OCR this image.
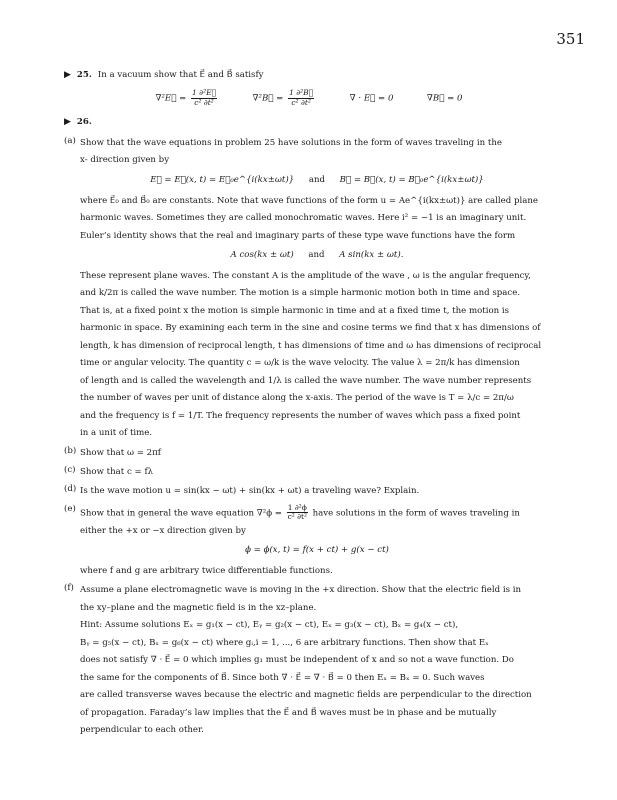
351
▶ 25. In a vacuum show that E⃗ and B⃗ satisfy
∇²E⃗ = $\frac{\text{1 ∂²E⃗}}{\text{c² ∂t²}}$	∇²B⃗ = $\frac{\text{1 ∂²B⃗}}{\text{c² ∂t²}}$	∇ · E⃗ = 0	∇B⃗ = 0
▶ 26.
(a) Show that the wave equations in problem 25 have solutions in the form of waves traveling in the
x- direction given by
E⃗ = E⃗(x, t) = E⃗₀e^{i(kx±ωt)} and B⃗ = B⃗(x, t) = B⃗₀e^{i(kx±ωt)}
where E⃗₀ and B⃗₀ are constants. Note that wave functions of the form u = Ae^{i(kx±ωt)} are called plane
harmonic waves. Sometimes they are called monochromatic waves. Here i² = −1 is an imaginary unit.
Euler’s identity shows that the real and imaginary parts of these type wave functions have the form
A cos(kx ± ωt) and A sin(kx ± ωt).
These represent plane waves. The constant A is the amplitude of the wave , ω is the angular frequency,
and k/2π is called the wave number. The motion is a simple harmonic motion both in time and space.
That is, at a fixed point x the motion is simple harmonic in time and at a fixed time t, the motion is
harmonic in space. By examining each term in the sine and cosine terms we find that x has dimensions of
length, k has dimension of reciprocal length, t has dimensions of time and ω has dimensions of reciprocal
time or angular velocity. The quantity c = ω/k is the wave velocity. The value λ = 2π/k has dimension
of length and is called the wavelength and 1/λ is called the wave number. The wave number represents
the number of waves per unit of distance along the x-axis. The period of the wave is T = λ/c = 2π/ω
and the frequency is f = 1/T. The frequency represents the number of waves which pass a fixed point
in a unit of time.
(b) Show that ω = 2πf
(c) Show that c = fλ
(d) Is the wave motion u = sin(kx − ωt) + sin(kx + ωt) a traveling wave? Explain.
(e) Show that in general the wave equation $\nabla^2\phi = \frac{\text{1 ∂²ϕ}}{\text{c² ∂t²}}$ have solutions in the form of waves traveling in
either the +x or −x direction given by
ϕ = ϕ(x, t) = f(x + ct) + g(x − ct)
where f and g are arbitrary twice differentiable functions.
(f) Assume a plane electromagnetic wave is moving in the +x direction. Show that the electric field is in
the xy–plane and the magnetic field is in the xz–plane.
Hint: Assume solutions Eₓ = g₁(x − ct), Eᵧ = g₂(x − ct), Eₓ = g₃(x − ct), Bₓ = g₄(x − ct),
Bᵧ = g₅(x − ct), Bₓ = g₆(x − ct) where gᵢ,i = 1, ..., 6 are arbitrary functions. Then show that Eₓ
does not satisfy ∇ · E⃗ = 0 which implies g₁ must be independent of x and so not a wave function. Do
the same for the components of B⃗. Since both ∇ · E⃗ = ∇ · B⃗ = 0 then Eₓ = Bₓ = 0. Such waves
are called transverse waves because the electric and magnetic fields are perpendicular to the direction
of propagation. Faraday’s law implies that the E⃗ and B⃗ waves must be in phase and be mutually
perpendicular to each other.
